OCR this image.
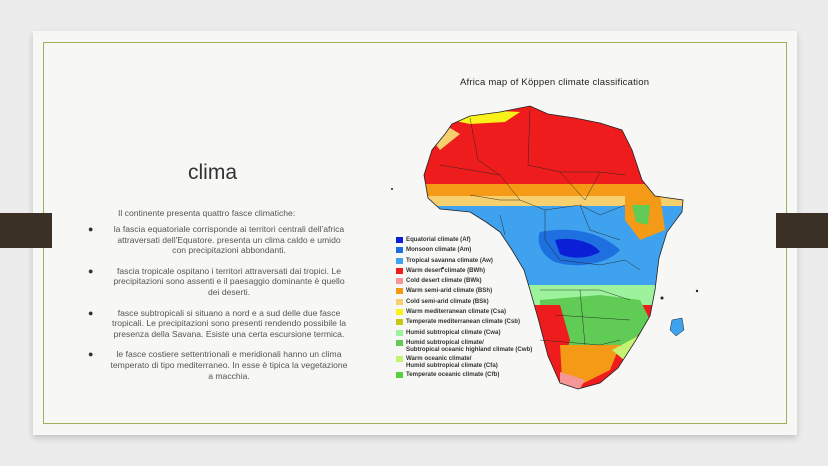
clima
Il continente presenta quattro fasce climatiche:
●	la fascia equatoriale corrisponde ai territori centrali dell'africa attraversati dell'Equatore. presenta un clima caldo e umido con precipitazioni abbondanti.
●	fascia tropicale ospitano i territori attraversati dai tropici. Le precipitazioni sono assenti e il paesaggio dominante è quello dei deserti.
●	fasce subtropicali si situano a nord e a sud delle due fasce tropicali. Le precipitazioni sono presenti rendendo possibile la presenza della Savana. Esiste una certa escursione termica.
●	le fasce costiere settentrionali e meridionali hanno un clima temperato di tipo mediterraneo. In esse è tipica la vegetazione a macchia.
Africa map of Köppen climate classification
Equatorial climate (Af)
Monsoon climate (Am)
Tropical savanna climate (Aw)
Warm desert climate (BWh)
Cold desert climate (BWk)
Warm semi-arid climate (BSh)
Cold semi-arid climate (BSk)
Warm mediterranean climate (Csa)
Temperate mediterranean climate (Csb)
Humid subtropical climate (Cwa)
Humid subtropical climate/
Subtropical oceanic highland climate (Cwb)
Warm oceanic climate/
Humid subtropical climate (Cfa)
Temperate oceanic climate (Cfb)
